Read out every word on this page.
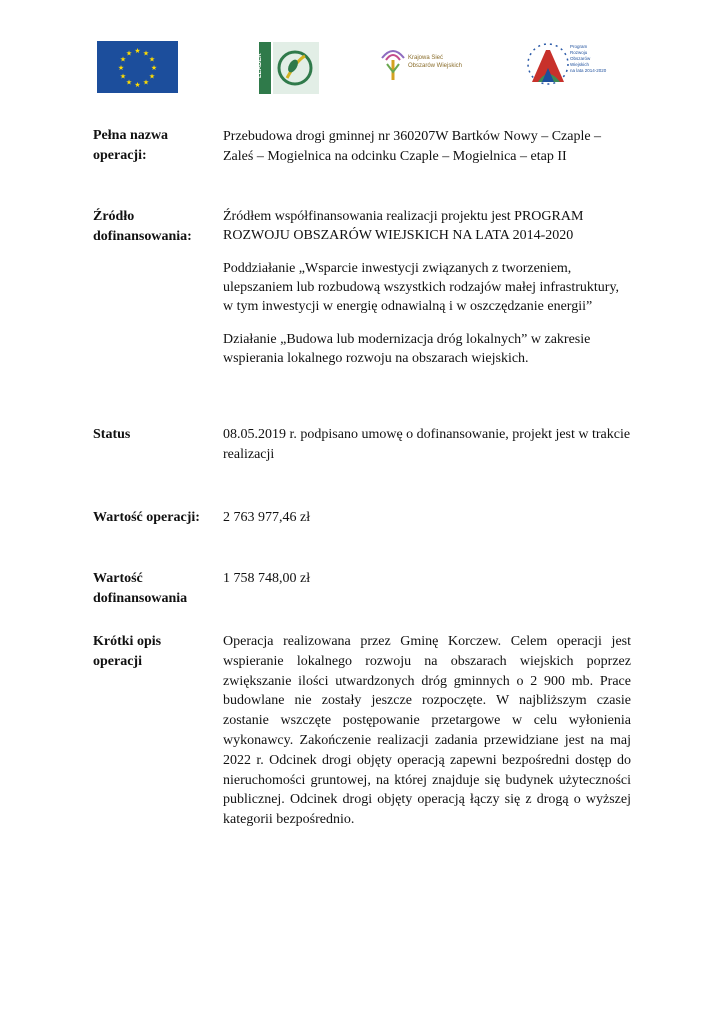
★ ★
★
★
★
★
★
★
★
★
★
★	LEADER	Krajowa Sieć
Obszarów Wiejskich
Program
Rozwoju
Obszarów
Wiejskich
na lata 2014-2020
Pełna nazwa operacji:
Przebudowa drogi gminnej nr 360207W Bartków Nowy – Czaple – Zaleś – Mogielnica na odcinku Czaple – Mogielnica – etap II
Źródło dofinansowania:

Źródłem współfinansowania realizacji projektu jest PROGRAM ROZWOJU OBSZARÓW WIEJSKICH NA LATA 2014-2020

Poddziałanie „Wsparcie inwestycji związanych z tworzeniem, ulepszaniem lub rozbudową wszystkich rodzajów małej infrastruktury, w tym inwestycji w energię odnawialną i w oszczędzanie energii”

Działanie „Budowa lub modernizacja dróg lokalnych” w zakresie wspierania lokalnego rozwoju na obszarach wiejskich.

Status	08.05.2019 r. podpisano umowę o dofinansowanie, projekt jest w trakcie realizacji
Wartość operacji: 2 763 977,46 zł
Wartość dofinansowania
1 758 748,00 zł
Krótki opis operacji
Operacja realizowana przez Gminę Korczew. Celem operacji jest wspieranie lokalnego rozwoju na obszarach wiejskich poprzez zwiększanie ilości utwardzonych dróg gminnych o 2 900 mb. Prace budowlane nie zostały jeszcze rozpoczęte. W najbliższym czasie zostanie wszczęte postępowanie przetargowe w celu wyłonienia wykonawcy. Zakończenie realizacji zadania przewidziane jest na maj 2022 r. Odcinek drogi objęty operacją zapewni bezpośredni dostęp do nieruchomości gruntowej, na której znajduje się budynek użyteczności publicznej. Odcinek drogi objęty operacją łączy się z drogą o wyższej kategorii bezpośrednio.
